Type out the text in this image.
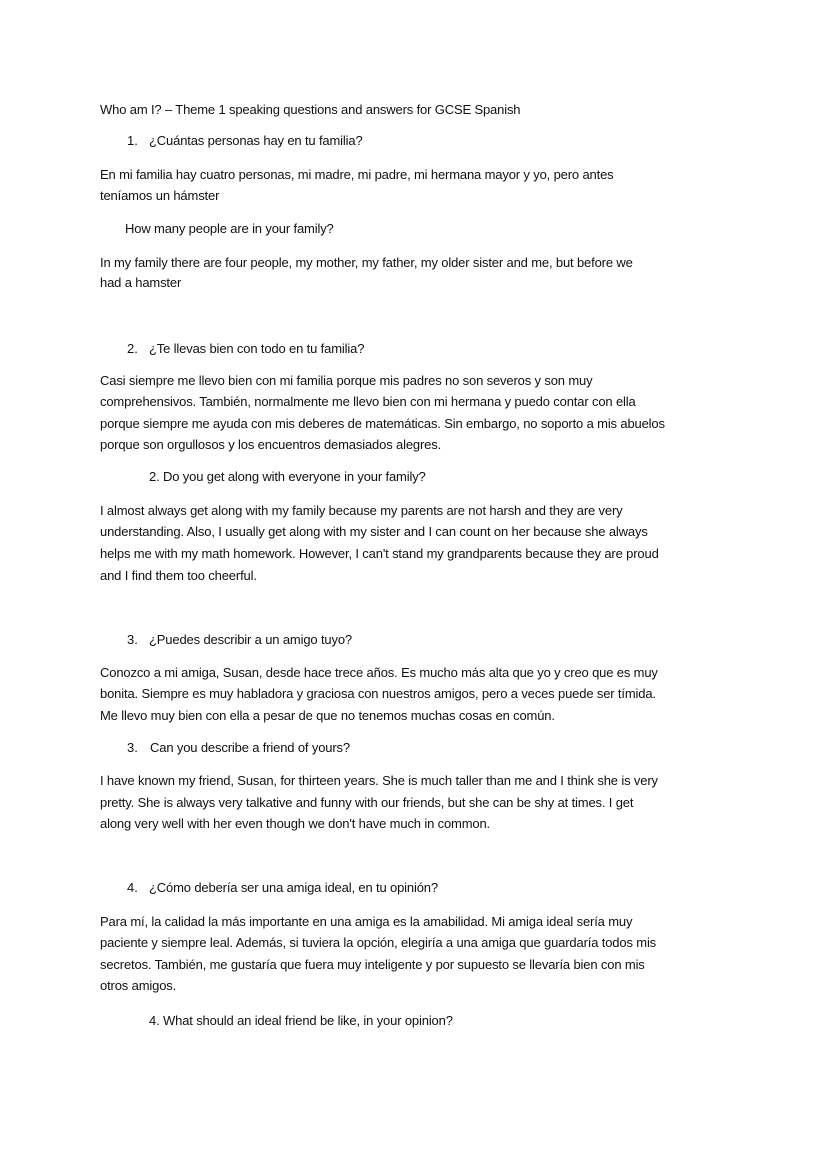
Who am I? – Theme 1 speaking questions and answers for GCSE Spanish
1. ¿Cuántas personas hay en tu familia?
En mi familia hay cuatro personas, mi madre, mi padre, mi hermana mayor y yo, pero antes
teníamos un hámster
How many people are in your family?
In my family there are four people, my mother, my father, my older sister and me, but before we
had a hamster
2. ¿Te llevas bien con todo en tu familia?
Casi siempre me llevo bien con mi familia porque mis padres no son severos y son muy
comprehensivos. También, normalmente me llevo bien con mi hermana y puedo contar con ella
porque siempre me ayuda con mis deberes de matemáticas. Sin embargo, no soporto a mis abuelos
porque son orgullosos y los encuentros demasiados alegres.
2. Do you get along with everyone in your family?
I almost always get along with my family because my parents are not harsh and they are very
understanding. Also, I usually get along with my sister and I can count on her because she always
helps me with my math homework. However, I can't stand my grandparents because they are proud
and I find them too cheerful.
3. ¿Puedes describir a un amigo tuyo?
Conozco a mi amiga, Susan, desde hace trece años. Es mucho más alta que yo y creo que es muy
bonita. Siempre es muy habladora y graciosa con nuestros amigos, pero a veces puede ser tímida.
Me llevo muy bien con ella a pesar de que no tenemos muchas cosas en común.
3. Can you describe a friend of yours?
I have known my friend, Susan, for thirteen years. She is much taller than me and I think she is very
pretty. She is always very talkative and funny with our friends, but she can be shy at times. I get
along very well with her even though we don't have much in common.
4. ¿Cómo debería ser una amiga ideal, en tu opinión?
Para mí, la calidad la más importante en una amiga es la amabilidad. Mi amiga ideal sería muy
paciente y siempre leal. Además, si tuviera la opción, elegiría a una amiga que guardaría todos mis
secretos. También, me gustaría que fuera muy inteligente y por supuesto se llevaría bien con mis
otros amigos.
4. What should an ideal friend be like, in your opinion?
